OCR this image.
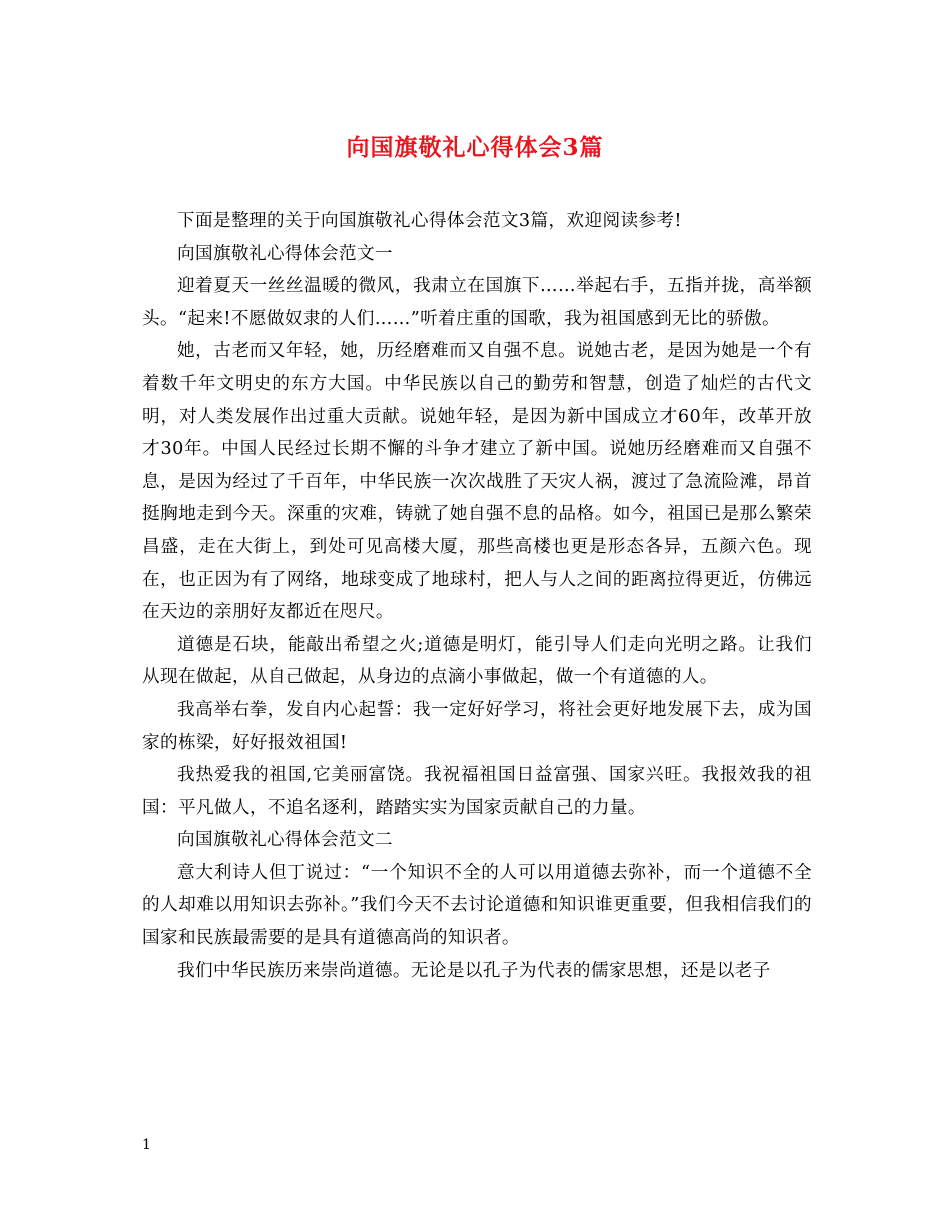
向国旗敬礼心得体会3篇

下面是整理的关于向国旗敬礼心得体会范文3篇，欢迎阅读参考!

向国旗敬礼心得体会范文一

迎着夏天一丝丝温暖的微风，我肃立在国旗下……举起右手，五指并拢，高举额头。“起来!不愿做奴隶的人们……”听着庄重的国歌，我为祖国感到无比的骄傲。

她，古老而又年轻，她，历经磨难而又自强不息。说她古老，是因为她是一个有着数千年文明史的东方大国。中华民族以自己的勤劳和智慧，创造了灿烂的古代文明，对人类发展作出过重大贡献。说她年轻，是因为新中国成立才60年，改革开放才30年。中国人民经过长期不懈的斗争才建立了新中国。说她历经磨难而又自强不息，是因为经过了千百年，中华民族一次次战胜了天灾人祸，渡过了急流险滩，昂首挺胸地走到今天。深重的灾难，铸就了她自强不息的品格。如今，祖国已是那么繁荣昌盛，走在大街上，到处可见高楼大厦，那些高楼也更是形态各异，五颜六色。现在，也正因为有了网络，地球变成了地球村，把人与人之间的距离拉得更近，仿佛远在天边的亲朋好友都近在咫尺。

道德是石块，能敲出希望之火;道德是明灯，能引导人们走向光明之路。让我们从现在做起，从自己做起，从身边的点滴小事做起，做一个有道德的人。

我高举右拳，发自内心起誓：我一定好好学习，将社会更好地发展下去，成为国家的栋梁，好好报效祖国!

我热爱我的祖国,它美丽富饶。我祝福祖国日益富强、国家兴旺。我报效我的祖国：平凡做人，不追名逐利，踏踏实实为国家贡献自己的力量。

向国旗敬礼心得体会范文二

意大利诗人但丁说过：“一个知识不全的人可以用道德去弥补，而一个道德不全的人却难以用知识去弥补。”我们今天不去讨论道德和知识谁更重要，但我相信我们的国家和民族最需要的是具有道德高尚的知识者。

我们中华民族历来崇尚道德。无论是以孔子为代表的儒家思想，还是以老子

1
